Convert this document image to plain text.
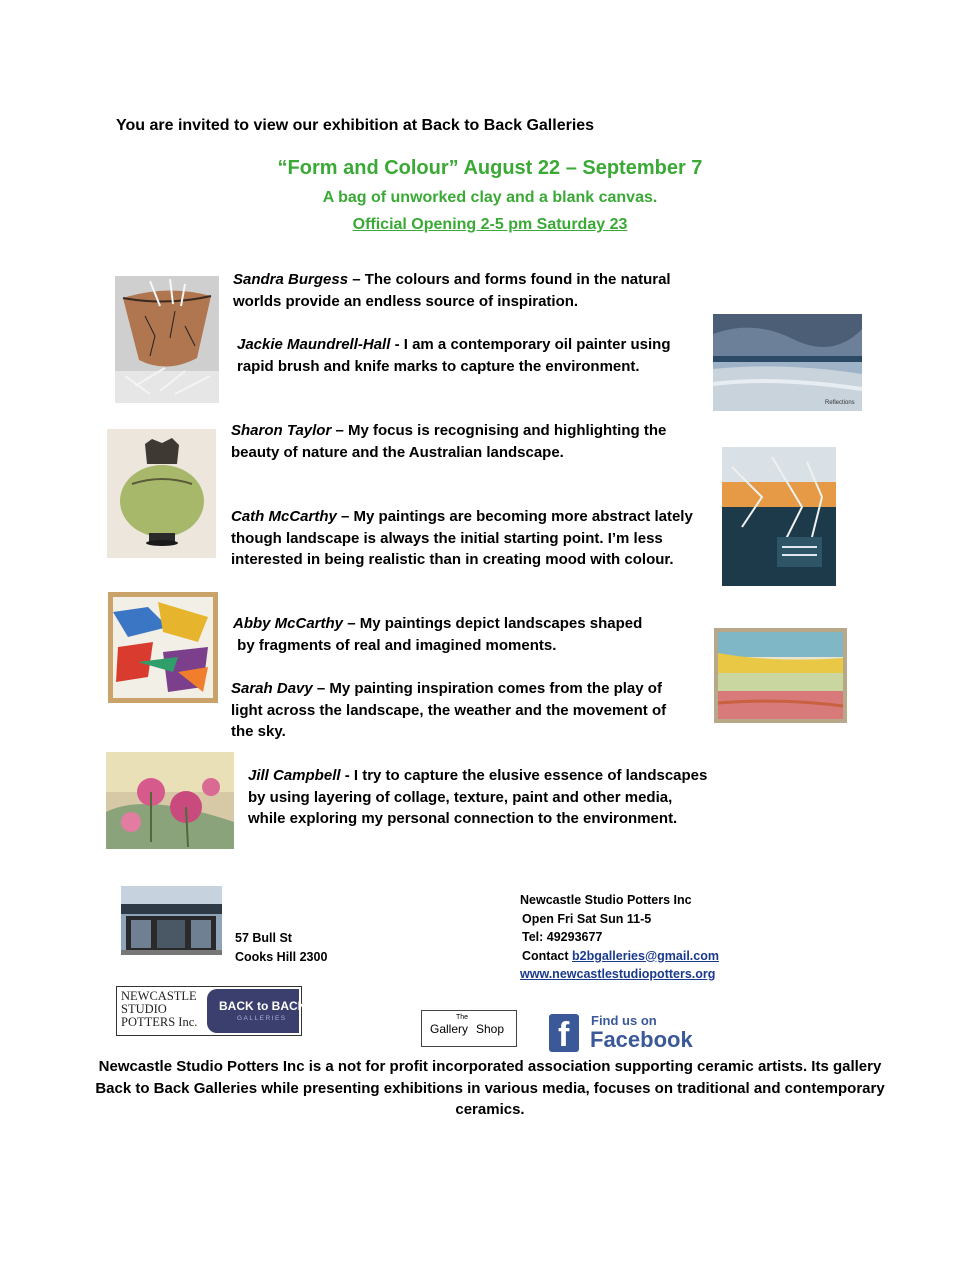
You are invited to view our exhibition at Back to Back Galleries
“Form and Colour” August 22 – September 7
A bag of unworked clay and a blank canvas.
Official Opening 2-5 pm Saturday 23
Reflections
Sandra Burgess – The colours and forms found in the natural
worlds provide an endless source of inspiration.
Jackie Maundrell-Hall - I am a contemporary oil painter using
rapid brush and knife marks to capture the environment.
Sharon Taylor – My focus is recognising and highlighting the
beauty of nature and the Australian landscape.
Cath McCarthy – My paintings are becoming more abstract lately
though landscape is always the initial starting point. I’m less
interested in being realistic than in creating mood with colour.
Abby McCarthy – My paintings depict landscapes shaped
by fragments of real and imagined moments.
Sarah Davy – My painting inspiration comes from the play of
light across the landscape, the weather and the movement of
the sky.
Jill Campbell - I try to capture the elusive essence of landscapes
by using layering of collage, texture, paint and other media,
while exploring my personal connection to the environment.
57 Bull St
Cooks Hill 2300
Newcastle Studio Potters Inc
Open Fri Sat Sun 11-5
Tel: 49293677
Contact b2bgalleries@gmail.com
www.newcastlestudiopotters.org
NEWCASTLE
STUDIO
POTTERS Inc.
BACK to BACK
GALLERIES	The
Gallery Shop f Find us on
Facebook
Newcastle Studio Potters Inc is a not for profit incorporated association supporting ceramic artists. Its gallery Back to Back Galleries while presenting exhibitions in various media, focuses on traditional and contemporary ceramics.
